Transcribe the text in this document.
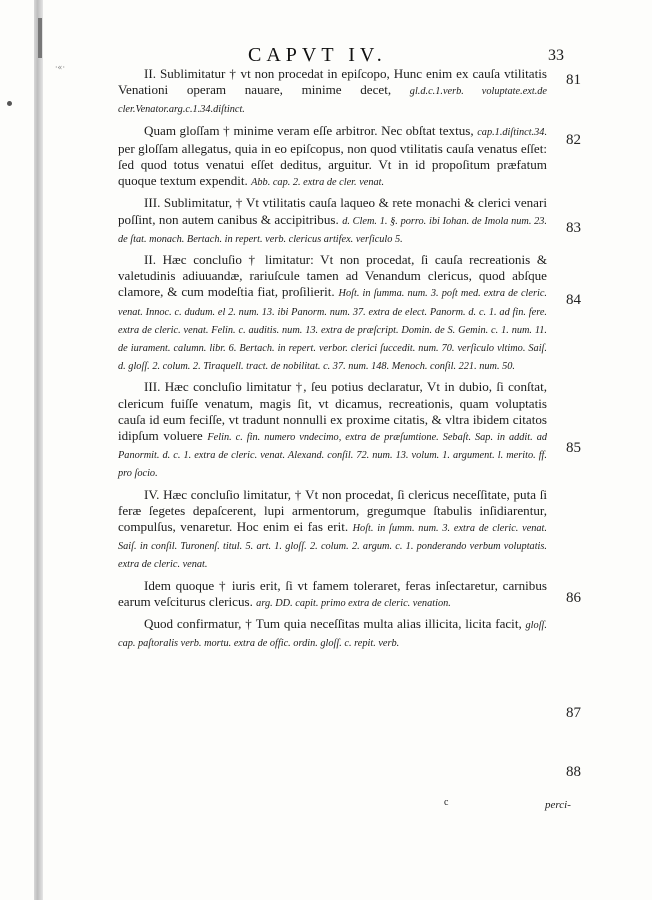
·«·
CAPVT IV.	33

II. Sublimitatur † vt non procedat in epiſcopo, Hunc enim ex cauſa vtilitatis Venationi operam nauare, minime decet, gl.d.c.1.verb. voluptate.ext.de cler.Venator.arg.c.1.34.diſtinct.

Quam gloſſam † minime veram eſſe arbitror. Nec obſtat textus, cap.1.diſtinct.34. per gloſſam allegatus, quia in eo epiſcopus, non quod vtilitatis cauſa venatus eſſet: ſed quod totus venatui eſſet deditus, arguitur. Vt in id propoſitum præfatum quoque textum expendit. Abb. cap. 2. extra de cler. venat.

III. Sublimitatur, † Vt vtilitatis cauſa laqueo & rete monachi & clerici venari poſſint, non autem canibus & accipitribus. d. Clem. 1. §. porro. ibi Iohan. de Imola num. 23. de ſtat. monach. Bertach. in repert. verb. clericus artifex. verſiculo 5.

II. Hæc concluſio † limitatur: Vt non procedat, ſi cauſa recreationis & valetudinis adiuuandæ, rariuſcule tamen ad Venandum clericus, quod abſque clamore, & cum modeſtia fiat, proſilierit. Hoſt. in ſumma. num. 3. poſt med. extra de cleric. venat. Innoc. c. dudum. el 2. num. 13. ibi Panorm. num. 37. extra de elect. Panorm. d. c. 1. ad fin. fere. extra de cleric. venat. Felin. c. auditis. num. 13. extra de præſcript. Domin. de S. Gemin. c. 1. num. 11. de iurament. calumn. libr. 6. Bertach. in repert. verbor. clerici ſuccedit. num. 70. verſiculo vltimo. Saiſ. d. gloſſ. 2. colum. 2. Tiraquell. tract. de nobilitat. c. 37. num. 148. Menoch. conſil. 221. num. 50.

III. Hæc concluſio limitatur †, ſeu potius declaratur, Vt in dubio, ſi conſtat, clericum fuiſſe venatum, magis ſit, vt dicamus, recreationis, quam voluptatis cauſa id eum feciſſe, vt tradunt nonnulli ex proxime citatis, & vltra ibidem citatos idipſum voluere Felin. c. fin. numero vndecimo, extra de præſumtione. Sebaſt. Sap. in addit. ad Panormit. d. c. 1. extra de cleric. venat. Alexand. conſil. 72. num. 13. volum. 1. argument. l. merito. ff. pro ſocio.

IV. Hæc concluſio limitatur, † Vt non procedat, ſi clericus neceſſitate, puta ſi feræ ſegetes depaſcerent, lupi armentorum, gregumque ſtabulis inſidiarentur, compulſus, venaretur. Hoc enim ei fas erit. Hoſt. in ſumm. num. 3. extra de cleric. venat. Saiſ. in conſil. Turonenſ. titul. 5. art. 1. gloſſ. 2. colum. 2. argum. c. 1. ponderando verbum voluptatis. extra de cleric. venat.

Idem quoque † iuris erit, ſi vt famem toleraret, feras inſectaretur, carnibus earum veſciturus clericus. arg. DD. capit. primo extra de cleric. venation.

Quod confirmatur, † Tum quia neceſſitas multa alias illicita, licita facit, gloſſ. cap. paſtoralis verb. mortu. extra de offic. ordin. gloſſ. c. repit. verb.

81
82
83
84
85
86
87
88
c	perci-
